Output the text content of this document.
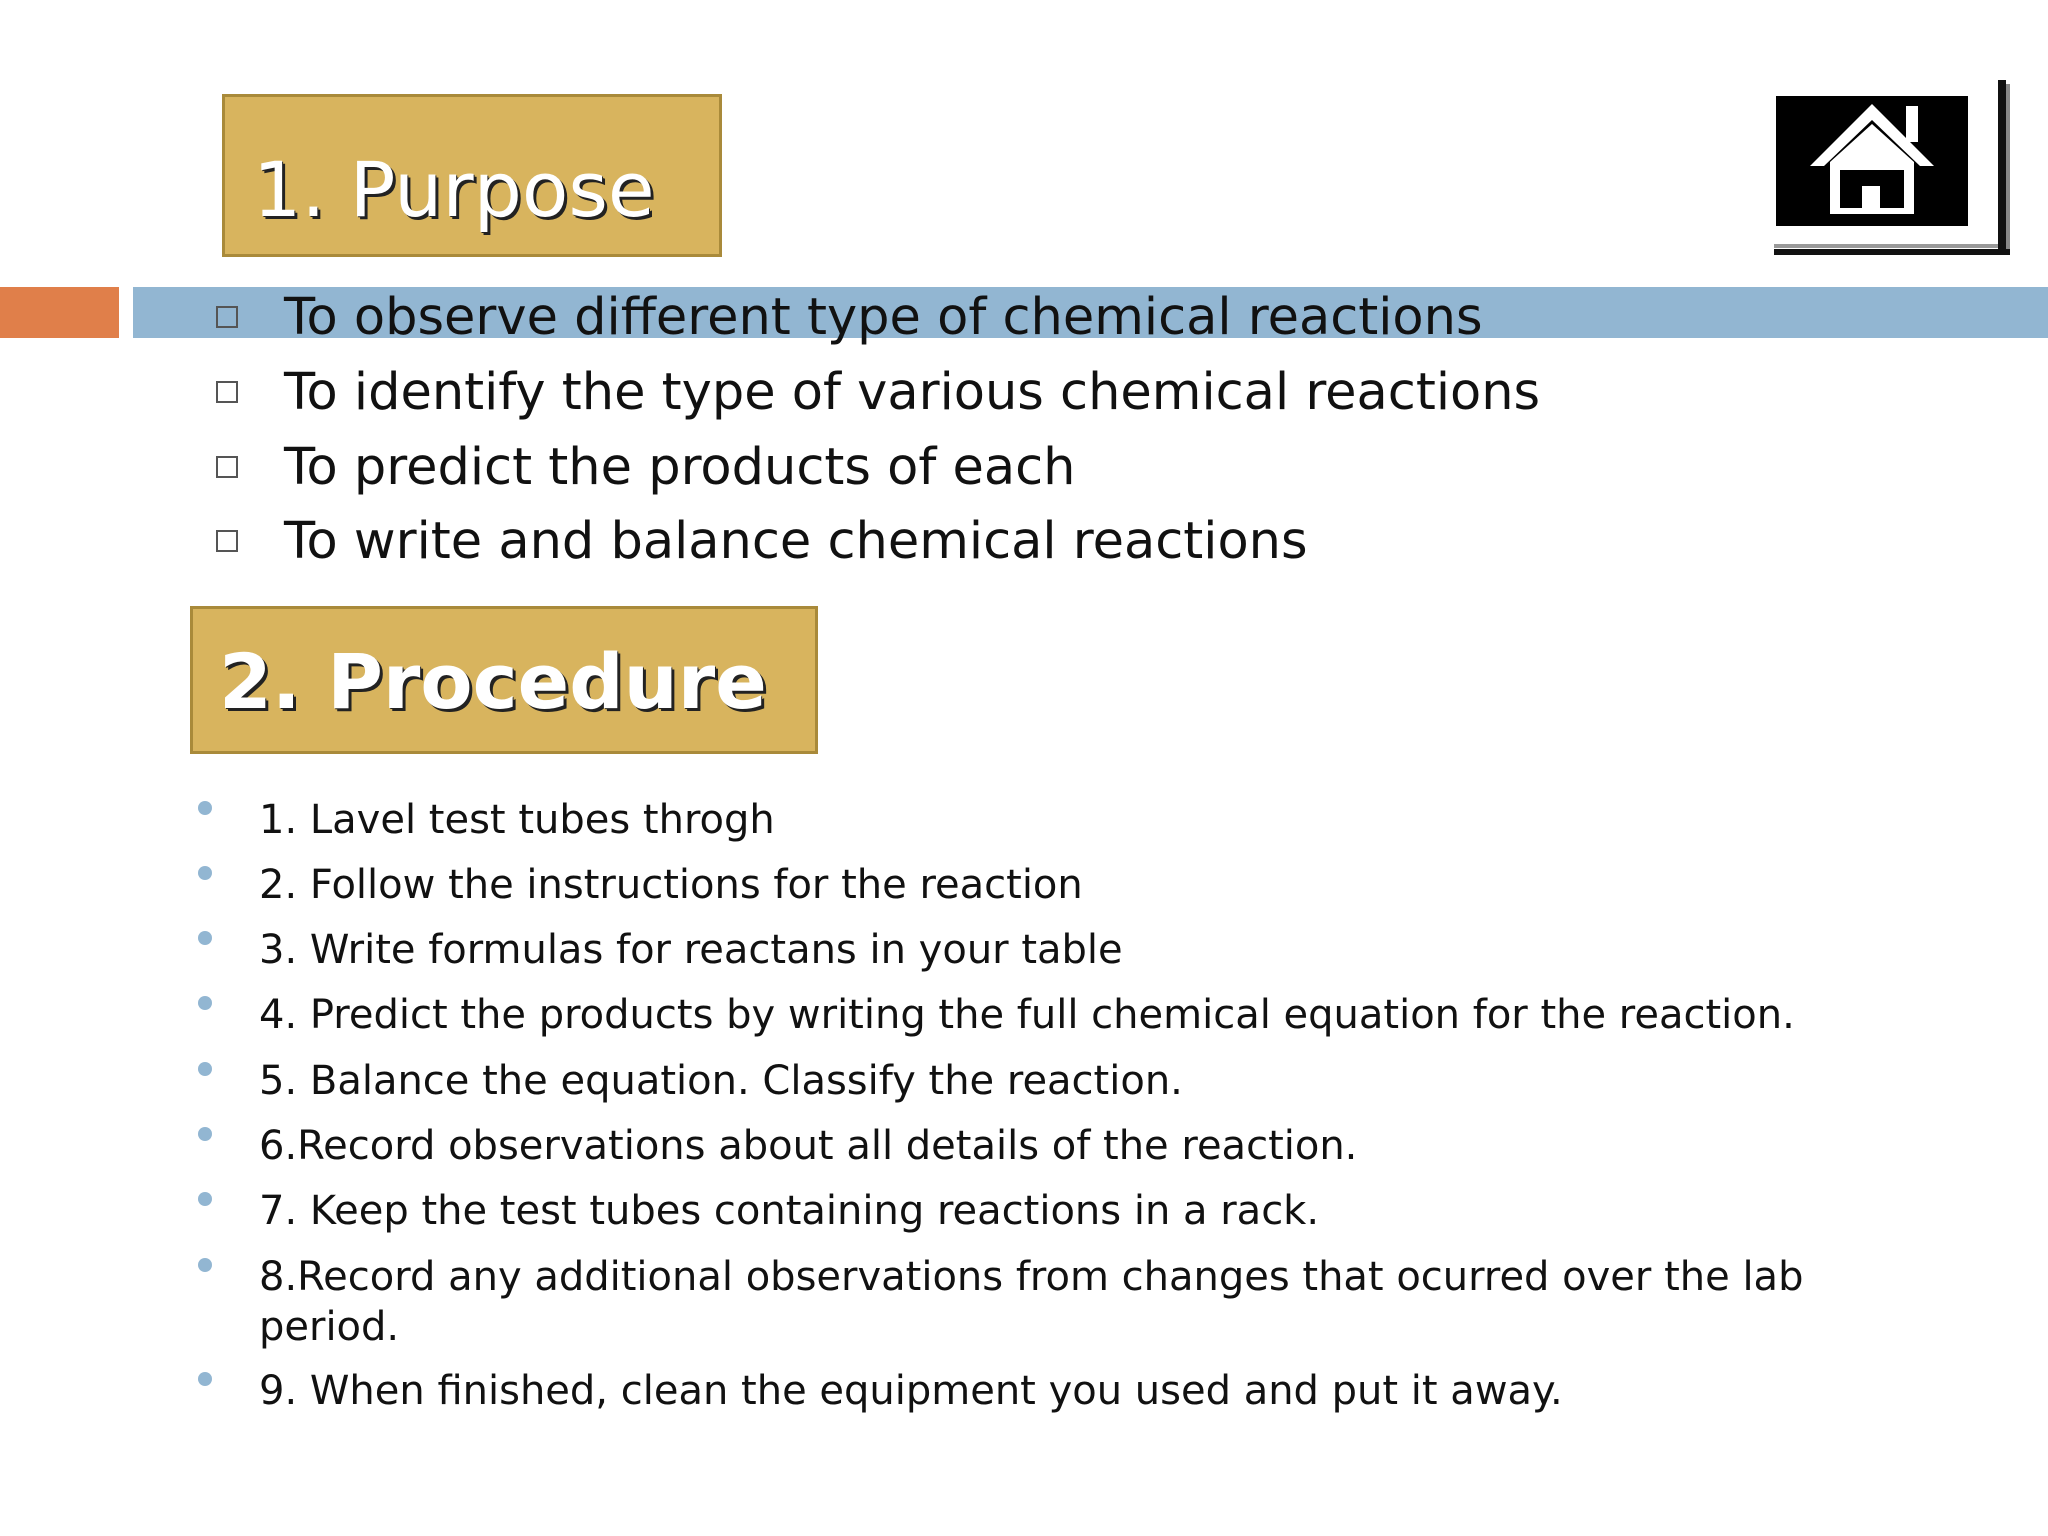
1. Purpose
To observe different type of chemical reactions
To identify the type of various chemical reactions
To predict the products of each
To write and balance chemical reactions
2. Procedure
1. Lavel test tubes throgh
2. Follow the instructions for the reaction
3. Write formulas for reactans in your table
4. Predict the products by writing the full chemical equation for the reaction.
5. Balance the equation. Classify the reaction.
6.Record observations about all details of the reaction.
7. Keep the test tubes containing reactions in a rack.
8.Record any additional observations from changes that ocurred over the lab period.
9. When finished, clean the equipment you used and put it away.
